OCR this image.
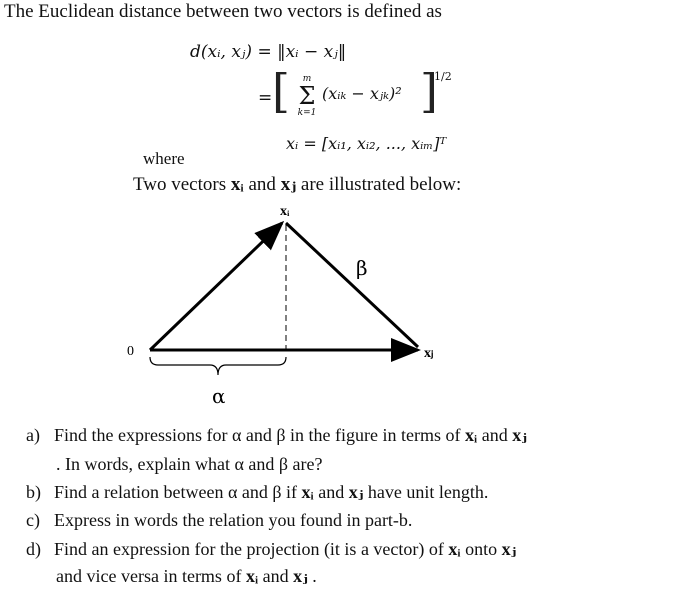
The Euclidean distance between two vectors is defined as
d(xᵢ, xⱼ) = ‖xᵢ − xⱼ‖
= [	m
Σ
k=1
(xᵢₖ − xⱼₖ)² ]
1/2
xᵢ = [xᵢ₁, xᵢ₂, ..., xᵢₘ]ᵀ
where
Two vectors xᵢ and xⱼ are illustrated below:
0
xᵢ
xⱼ
α
β
a) Find the expressions for α and β in the figure in terms of xᵢ and xⱼ
. In words, explain what α and β are?
b) Find a relation between α and β if xᵢ and xⱼ have unit length.
c) Express in words the relation you found in part-b.
d) Find an expression for the projection (it is a vector) of xᵢ onto xⱼ
and vice versa in terms of xᵢ and xⱼ .
